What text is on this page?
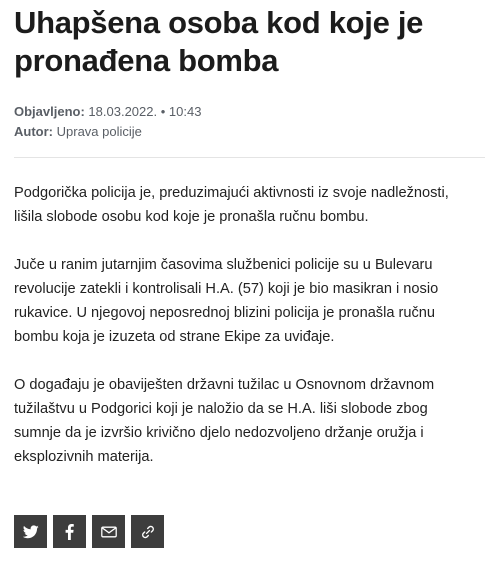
Uhapšena osoba kod koje je pronađena bomba
Objavljeno: 18.03.2022. • 10:43
Autor: Uprava policije

Podgorička policija je, preduzimajući aktivnosti iz svoje nadležnosti, lišila slobode osobu kod koje je pronašla ručnu bombu.

Juče u ranim jutarnjim časovima službenici policije su u Bulevaru revolucije zatekli i kontrolisali H.A. (57) koji je bio masikran i nosio rukavice. U njegovoj neposrednoj blizini policija je pronašla ručnu bombu koja je izuzeta od strane Ekipe za uviđaje.

O događaju je obaviješten državni tužilac u Osnovnom državnom tužilaštvu u Podgorici koji je naložio da se H.A. liši slobode zbog sumnje da je izvršio krivično djelo nedozvoljeno držanje oružja i eksplozivnih materija.
